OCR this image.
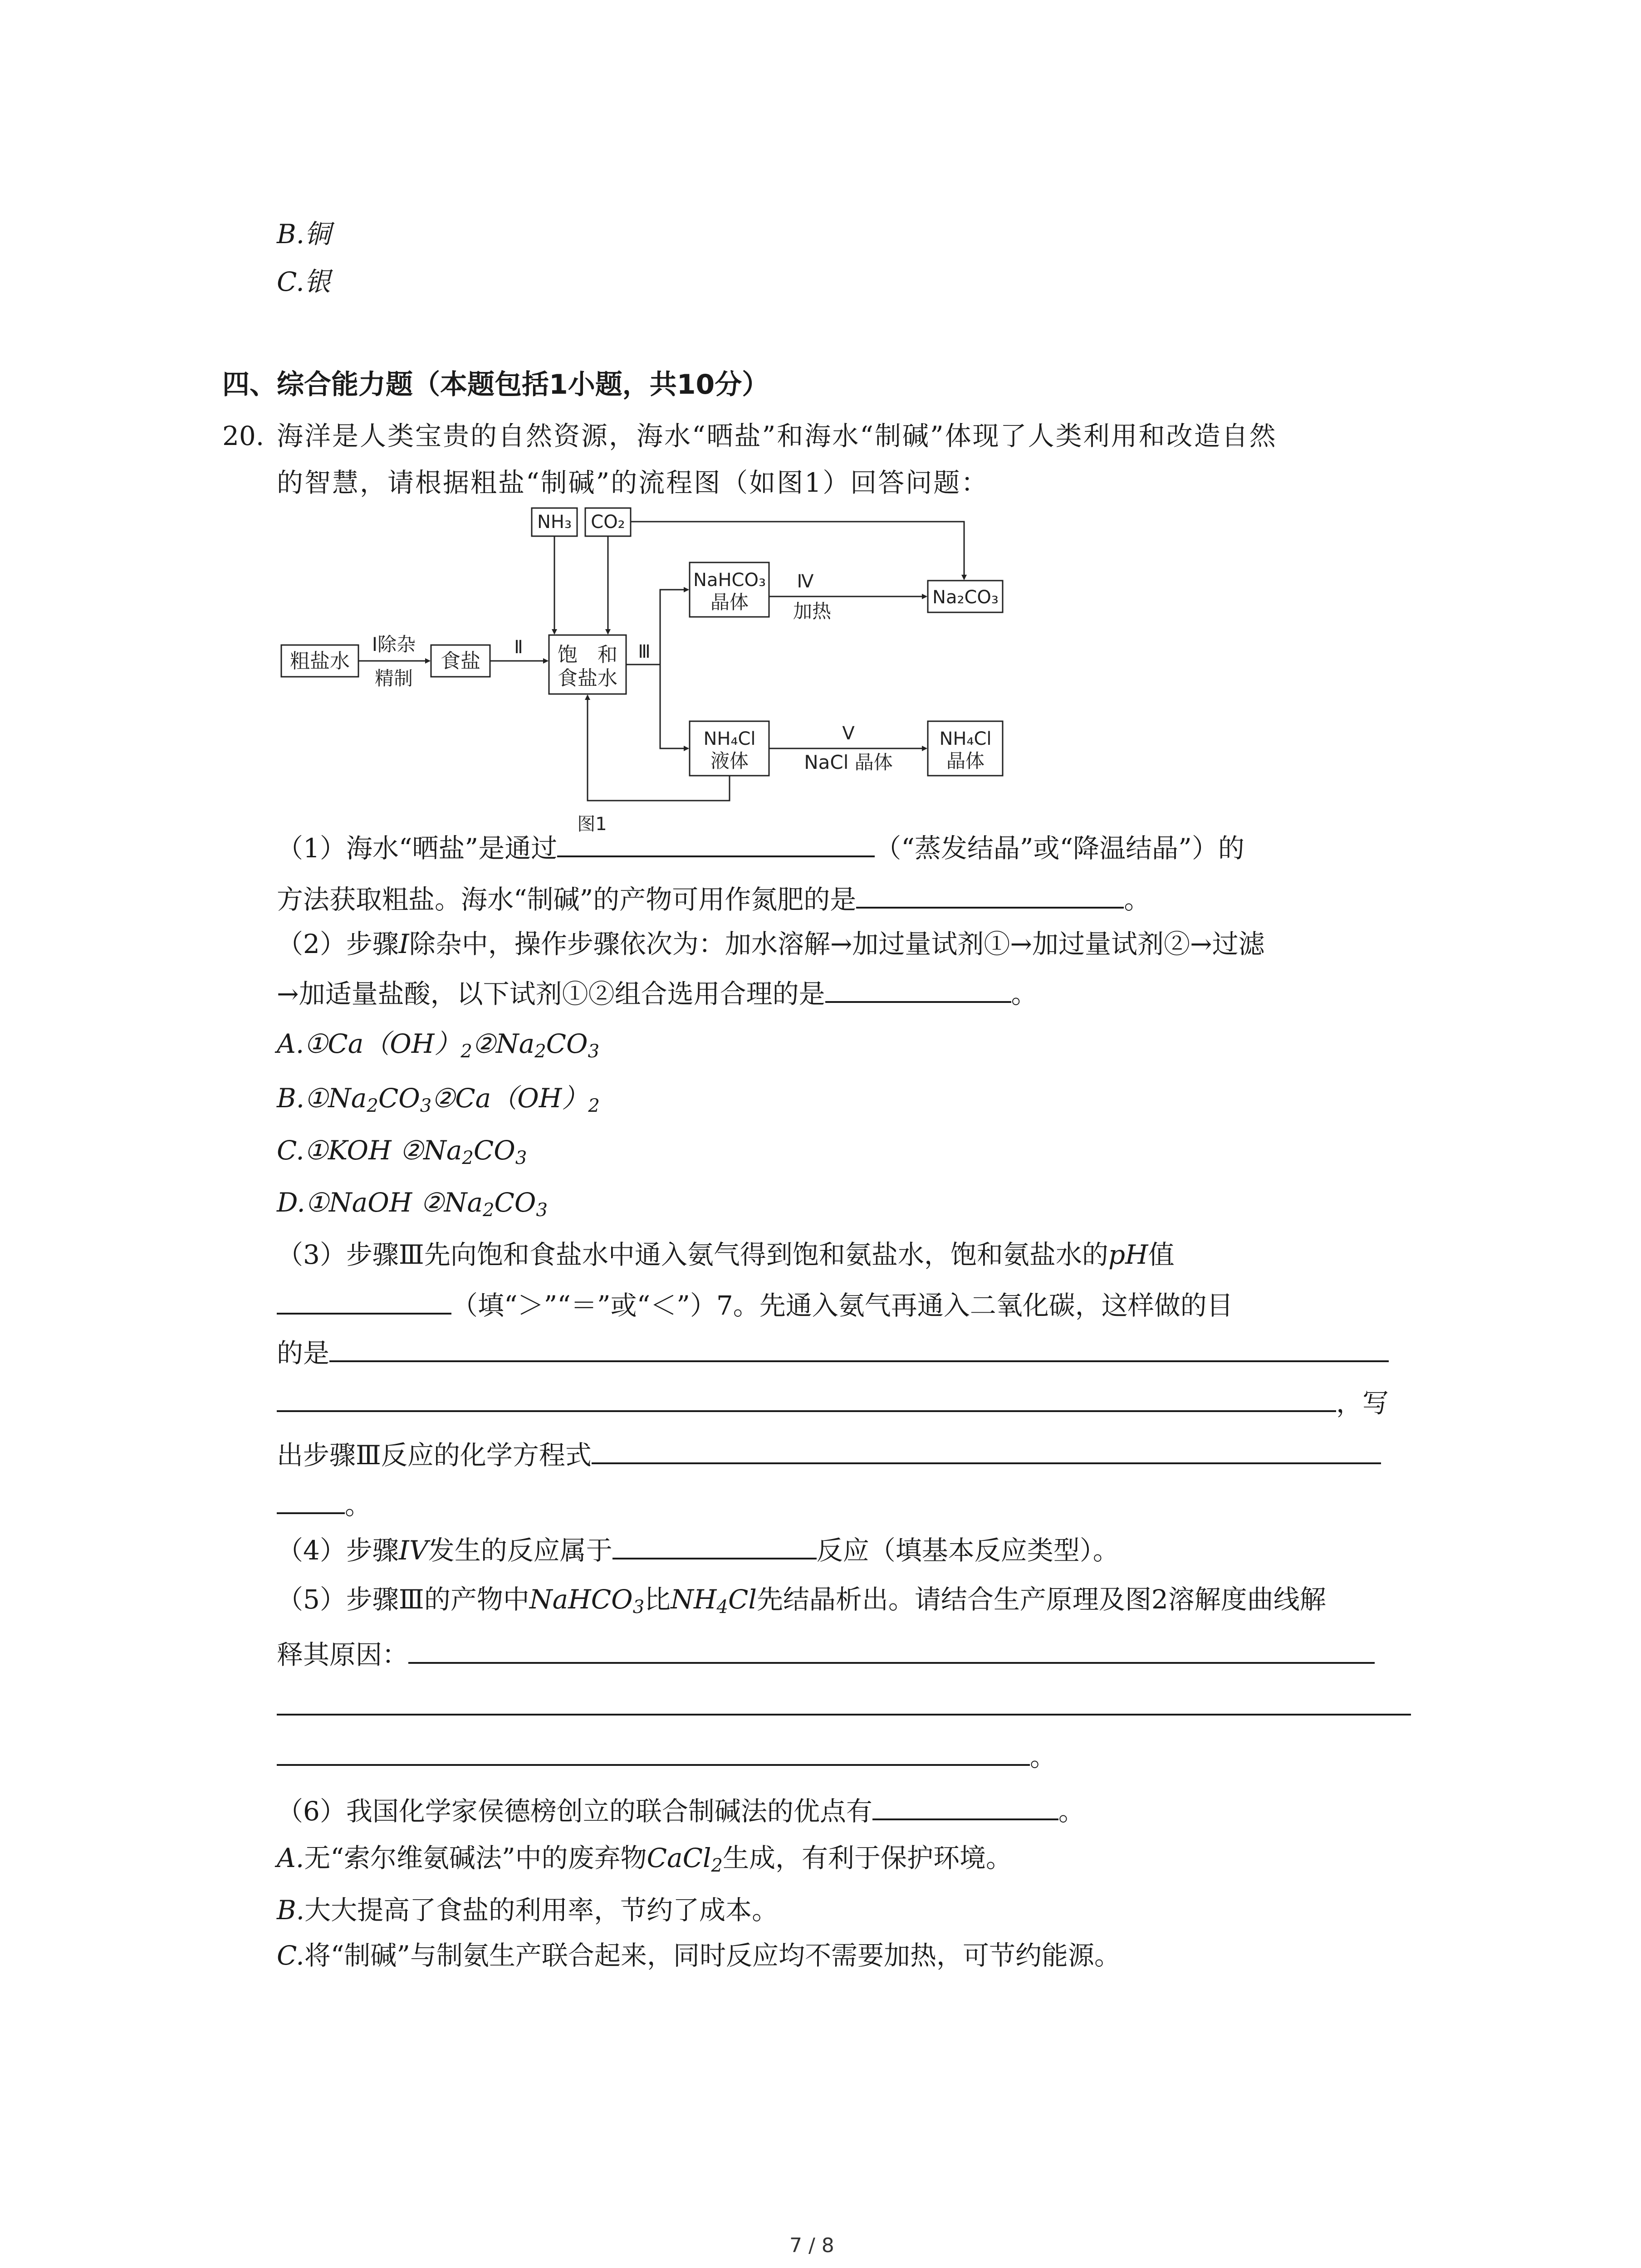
B.铜
C.银
四、综合能力题（本题包括1小题，共10分）
20. 海洋是人类宝贵的自然资源，海水“晒盐”和海水“制碱”体现了人类利用和改造自然
的智慧，请根据粗盐“制碱”的流程图（如图1）回答问题：
NH₃ CO₂
粗盐水	食盐	饱　和
食盐水
NaHCO₃
晶体	Na₂CO₃
NH₄Cl
液体
NH₄Cl
晶体
Ⅰ除杂
精制
Ⅱ	Ⅲ
Ⅳ
加热
Ⅴ
NaCl 晶体
图1
（1）海水“晒盐”是通过	（“蒸发结晶”或“降温结晶”）的
方法获取粗盐。海水“制碱”的产物可用作氮肥的是	。
（2）步骤I除杂中，操作步骤依次为：加水溶解→加过量试剂①→加过量试剂②→过滤
→加适量盐酸，以下试剂①②组合选用合理的是	。
$A.①Ca(OH)_2②Na_2CO_3$
$B.①Na_2CO_3②Ca(OH)_2$
C.①KOH $②Na_2CO_3$
D.①NaOH $②Na_2CO_3$
（3）步骤Ⅲ先向饱和食盐水中通入氨气得到饱和氨盐水，饱和氨盐水的pH值
（填“＞”“＝”或“＜”）7。先通入氨气再通入二氧化碳，这样做的目
的是
，写
出步骤Ⅲ反应的化学方程式
。
（4）步骤IV发生的反应属于	反应（填基本反应类型）。
（5）步骤Ⅲ的产物中NaHCO$_3$比$NH_4Cl$先结晶析出。请结合生产原理及图2溶解度曲线解
释其原因：
。
（6）我国化学家侯德榜创立的联合制碱法的优点有	。
A.无“索尔维氨碱法”中的废弃物CaCl$_2$生成，有利于保护环境。
B.大大提高了食盐的利用率，节约了成本。
C.将“制碱”与制氨生产联合起来，同时反应均不需要加热，可节约能源。
7 / 8
